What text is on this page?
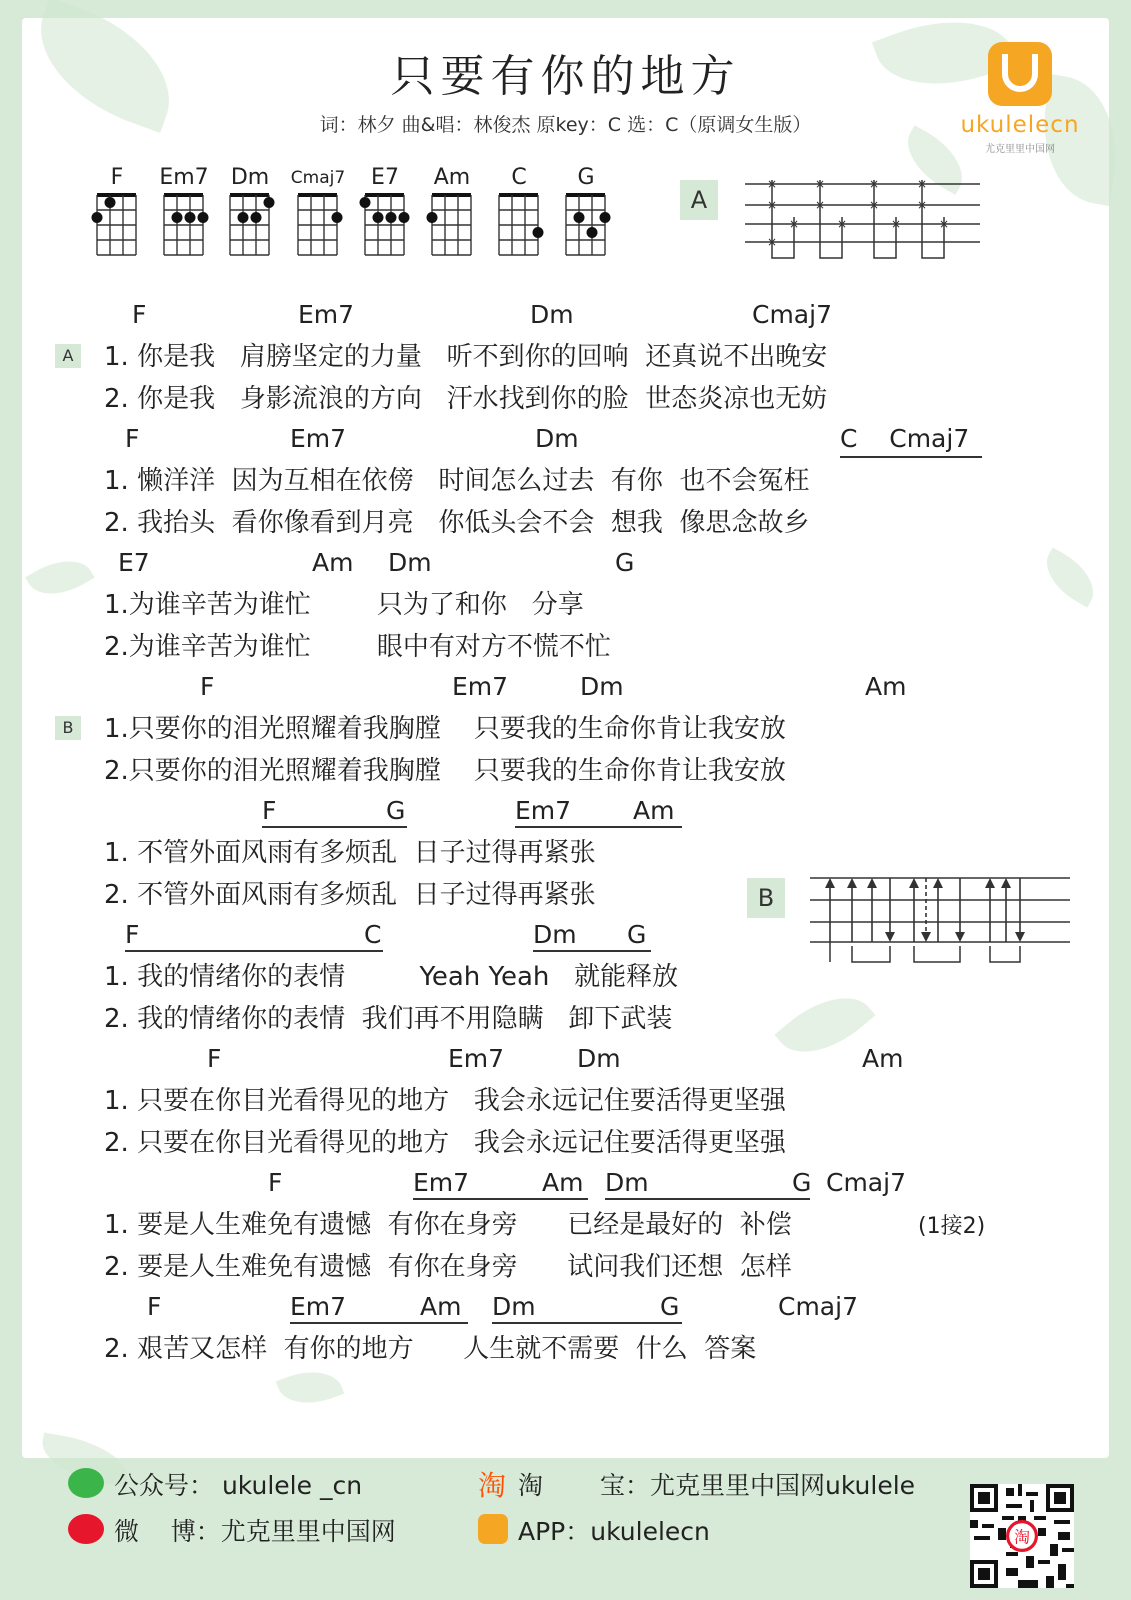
只要有你的地方
词：林夕 曲&唱：林俊杰 原key：C 选：C（原调女生版）	ukulelecn
尤克里里中国网
F	Em7	Dm	Cmaj7	E7	Am	C	G
A
×
×
×
×
×
×
×
×
×
×	×	×	×
B
A
B
F	Em7	Dm	Cmaj7
1. 你是我   肩膀坚定的力量   听不到你的回响  还真说不出晚安
2. 你是我   身影流浪的方向   汗水找到你的脸  世态炎凉也无妨
F	Em7	Dm	C    Cmaj7
1. 懒洋洋  因为互相在依傍   时间怎么过去  有你  也不会冤枉
2. 我抬头  看你像看到月亮   你低头会不会  想我  像思念故乡
E7	Am Dm	G
1.为谁辛苦为谁忙        只为了和你   分享
2.为谁辛苦为谁忙        眼中有对方不慌不忙
F	Em7	Dm	Am
1.只要你的泪光照耀着我胸膛    只要我的生命你肯让我安放
2.只要你的泪光照耀着我胸膛    只要我的生命你肯让我安放
F	G	Em7 Am
1. 不管外面风雨有多烦乱  日子过得再紧张
2. 不管外面风雨有多烦乱  日子过得再紧张
F	C	Dm G
1. 我的情绪你的表情         Yeah Yeah   就能释放
2. 我的情绪你的表情  我们再不用隐瞒   卸下武装
F	Em7	Dm	Am
1. 只要在你目光看得见的地方   我会永远记住要活得更坚强
2. 只要在你目光看得见的地方   我会永远记住要活得更坚强
F	Em7	Am Dm	G Cmaj7
1. 要是人生难免有遗憾  有你在身旁      已经是最好的  补偿
2. 要是人生难免有遗憾  有你在身旁      试问我们还想  怎样
F	Em7	Am Dm	G	Cmaj7
2. 艰苦又怎样  有你的地方      人生就不需要  什么  答案
(1接2)
公众号： ukulele _cn
微    博：尤克里里中国网
淘 淘 宝：尤克里里中国网ukulele
APP：ukulelecn	淘
